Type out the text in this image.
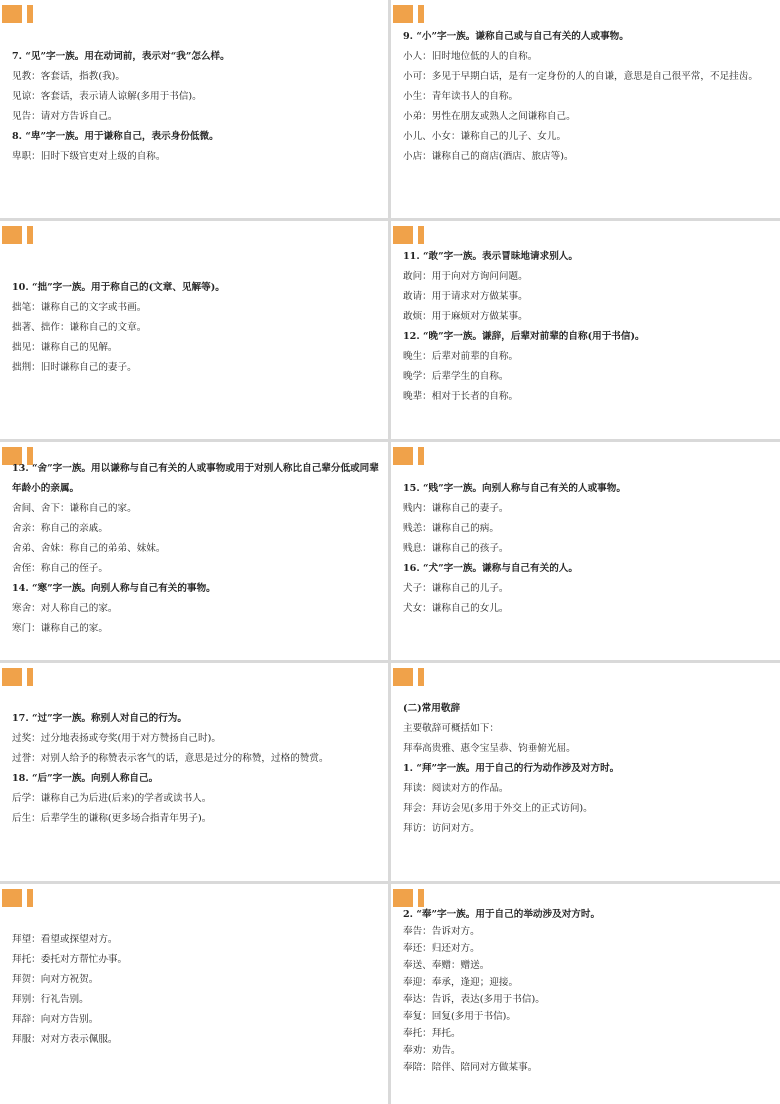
7. “见”字一族。用在动词前，表示对“我”怎么样。
见教：客套话，指教(我)。
见谅：客套话，表示请人谅解(多用于书信)。
见告：请对方告诉自己。
8. “卑”字一族。用于谦称自己，表示身份低微。
卑职：旧时下级官吏对上级的自称。
9. “小”字一族。谦称自己或与自己有关的人或事物。
小人：旧时地位低的人的自称。
小可：多见于早期白话，是有一定身份的人的自谦，意思是自己很平常，不足挂齿。
小生：青年读书人的自称。
小弟：男性在朋友或熟人之间谦称自己。
小儿、小女：谦称自己的儿子、女儿。
小店：谦称自己的商店(酒店、旅店等)。
10. “拙”字一族。用于称自己的(文章、见解等)。
拙笔：谦称自己的文字或书画。
拙著、拙作：谦称自己的文章。
拙见：谦称自己的见解。
拙荆：旧时谦称自己的妻子。
11. “敢”字一族。表示冒昧地请求别人。
敢问：用于向对方询问问题。
敢请：用于请求对方做某事。
敢烦：用于麻烦对方做某事。
12. “晚”字一族。谦辞，后辈对前辈的自称(用于书信)。
晚生：后辈对前辈的自称。
晚学：后辈学生的自称。
晚辈：相对于长者的自称。
13. “舍”字一族。用以谦称与自己有关的人或事物或用于对别人称比自己辈分低或同辈年龄小的亲属。
舍间、舍下：谦称自己的家。
舍亲：称自己的亲戚。
舍弟、舍妹：称自己的弟弟、妹妹。
舍侄：称自己的侄子。
14. “寒”字一族。向别人称与自己有关的事物。
寒舍：对人称自己的家。
寒门：谦称自己的家。
15. “贱”字一族。向别人称与自己有关的人或事物。
贱内：谦称自己的妻子。
贱恙：谦称自己的病。
贱息：谦称自己的孩子。
16. “犬”字一族。谦称与自己有关的人。
犬子：谦称自己的儿子。
犬女：谦称自己的女儿。
17. “过”字一族。称别人对自己的行为。
过奖：过分地表扬或夸奖(用于对方赞扬自己时)。
过誉：对别人给予的称赞表示客气的话，意思是过分的称赞，过格的赞赏。
18. “后”字一族。向别人称自己。
后学：谦称自己为后进(后来)的学者或读书人。
后生：后辈学生的谦称(更多场合指青年男子)。
(二)常用敬辞
主要敬辞可概括如下：
拜奉高贵雅、惠令宝呈恭、钧垂俯光屈。
1. “拜”字一族。用于自己的行为动作涉及对方时。
拜读：阅读对方的作品。
拜会：拜访会见(多用于外交上的正式访问)。
拜访：访问对方。
拜望：看望或探望对方。
拜托：委托对方帮忙办事。
拜贺：向对方祝贺。
拜别：行礼告别。
拜辞：向对方告别。
拜服：对对方表示佩服。
2. “奉”字一族。用于自己的举动涉及对方时。
奉告：告诉对方。
奉还：归还对方。
奉送、奉赠：赠送。
奉迎：奉承，逢迎；迎接。
奉达：告诉，表达(多用于书信)。
奉复：回复(多用于书信)。
奉托：拜托。
奉劝：劝告。
奉陪：陪伴、陪同对方做某事。
